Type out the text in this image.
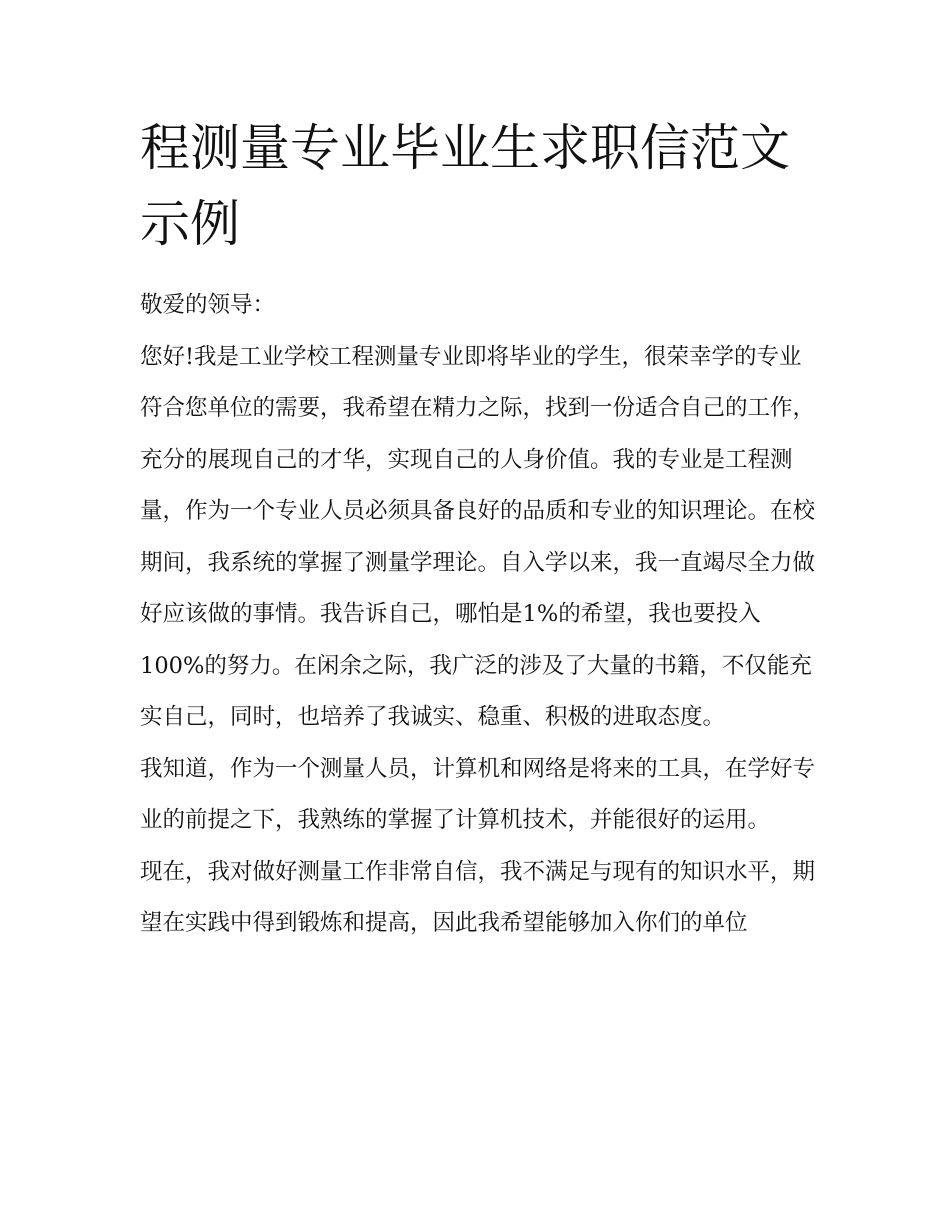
程测量专业毕业生求职信范文示例

敬爱的领导：

您好!我是工业学校工程测量专业即将毕业的学生，很荣幸学的专业符合您单位的需要，我希望在精力之际，找到一份适合自己的工作，充分的展现自己的才华，实现自己的人身价值。我的专业是工程测量，作为一个专业人员必须具备良好的品质和专业的知识理论。在校期间，我系统的掌握了测量学理论。自入学以来，我一直竭尽全力做好应该做的事情。我告诉自己，哪怕是1%的希望，我也要投入100%的努力。在闲余之际，我广泛的涉及了大量的书籍，不仅能充实自己，同时，也培养了我诚实、稳重、积极的进取态度。

我知道，作为一个测量人员，计算机和网络是将来的工具，在学好专业的前提之下，我熟练的掌握了计算机技术，并能很好的运用。

现在，我对做好测量工作非常自信，我不满足与现有的知识水平，期望在实践中得到锻炼和提高，因此我希望能够加入你们的单位
